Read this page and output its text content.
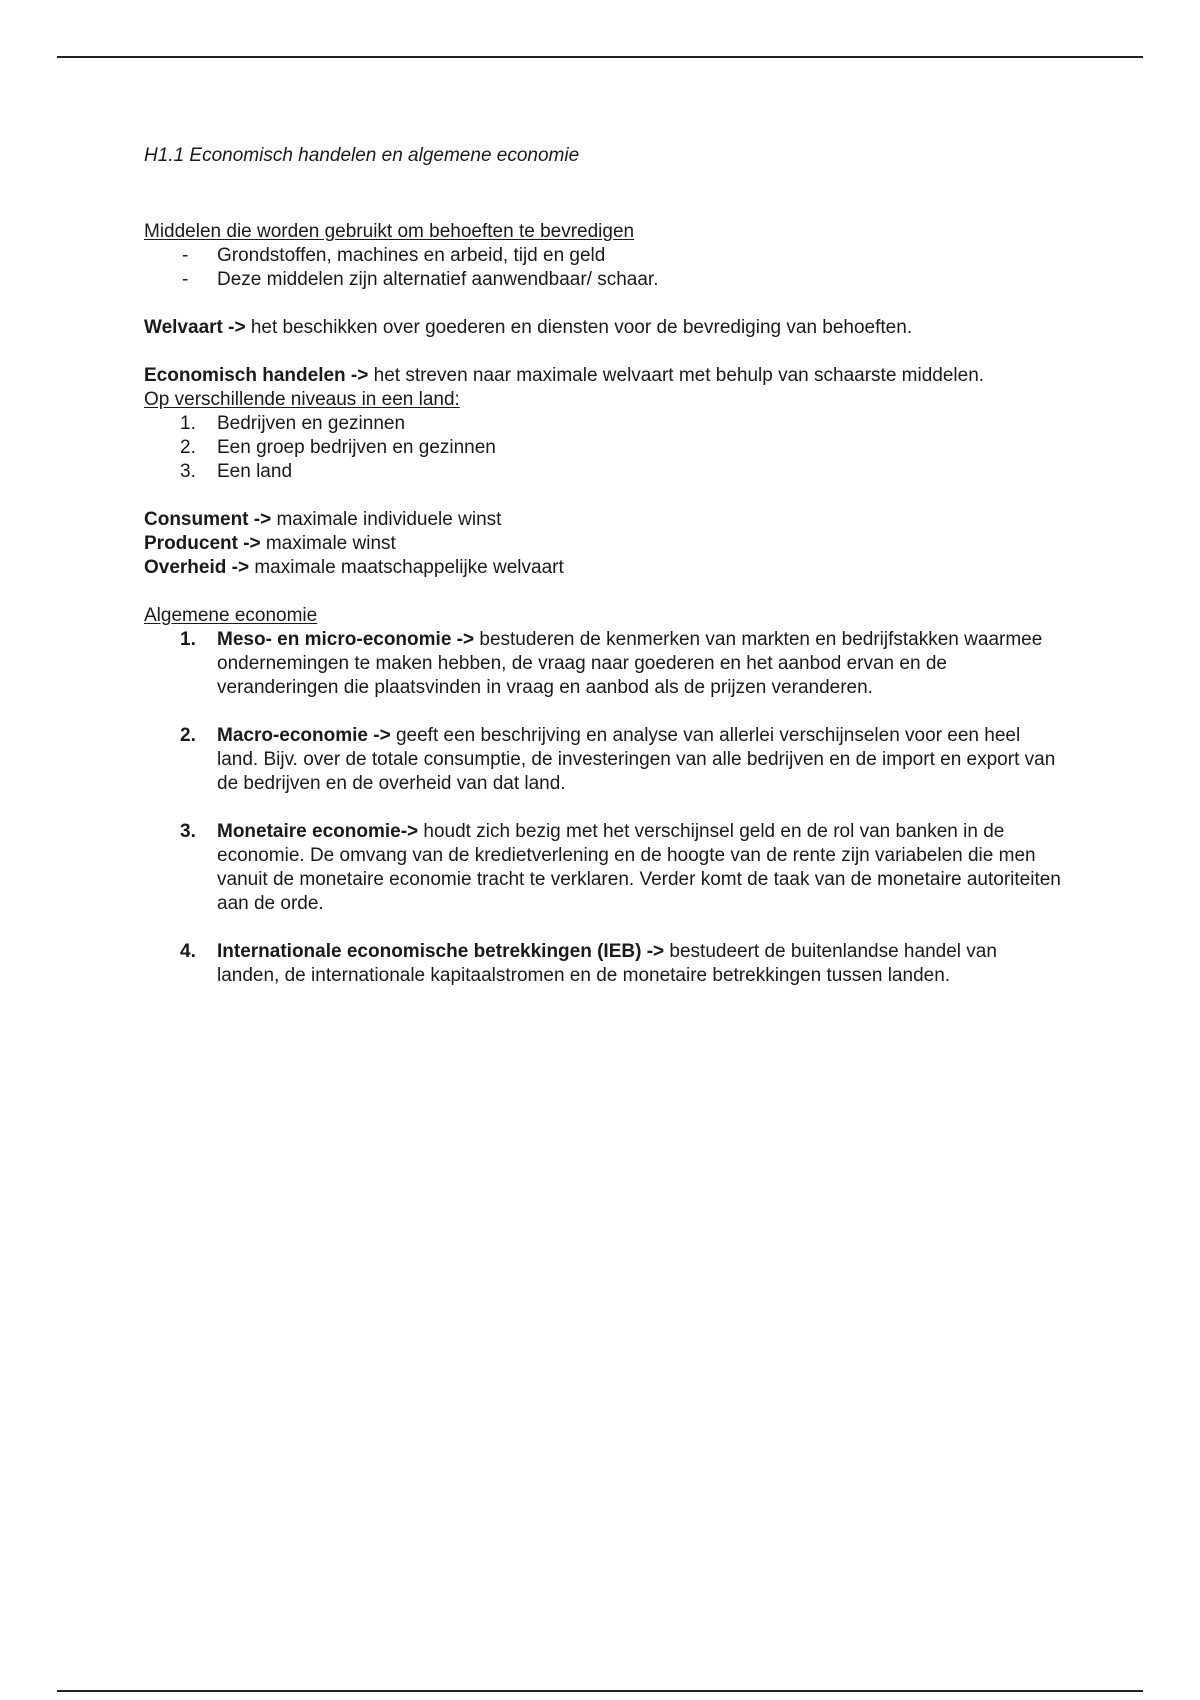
H1.1 Economisch handelen en algemene economie

Middelen die worden gebruikt om behoeften te bevredigen

- Grondstoffen, machines en arbeid, tijd en geld
- Deze middelen zijn alternatief aanwendbaar/ schaar.

Welvaart -> het beschikken over goederen en diensten voor de bevrediging van behoeften.

Economisch handelen -> het streven naar maximale welvaart met behulp van schaarste middelen.

Op verschillende niveaus in een land:

1. Bedrijven en gezinnen
2. Een groep bedrijven en gezinnen
3. Een land

Consument -> maximale individuele winst

Producent -> maximale winst

Overheid -> maximale maatschappelijke welvaart

Algemene economie

1. Meso- en micro-economie -> bestuderen de kenmerken van markten en bedrijfstakken waarmee ondernemingen te maken hebben, de vraag naar goederen en het aanbod ervan en de veranderingen die plaatsvinden in vraag en aanbod als de prijzen veranderen.
2. Macro-economie -> geeft een beschrijving en analyse van allerlei verschijnselen voor een heel land. Bijv. over de totale consumptie, de investeringen van alle bedrijven en de import en export van de bedrijven en de overheid van dat land.
3. Monetaire economie-> houdt zich bezig met het verschijnsel geld en de rol van banken in de economie. De omvang van de kredietverlening en de hoogte van de rente zijn variabelen die men vanuit de monetaire economie tracht te verklaren. Verder komt de taak van de monetaire autoriteiten aan de orde.
4. Internationale economische betrekkingen (IEB) -> bestudeert de buitenlandse handel van landen, de internationale kapitaalstromen en de monetaire betrekkingen tussen landen.
